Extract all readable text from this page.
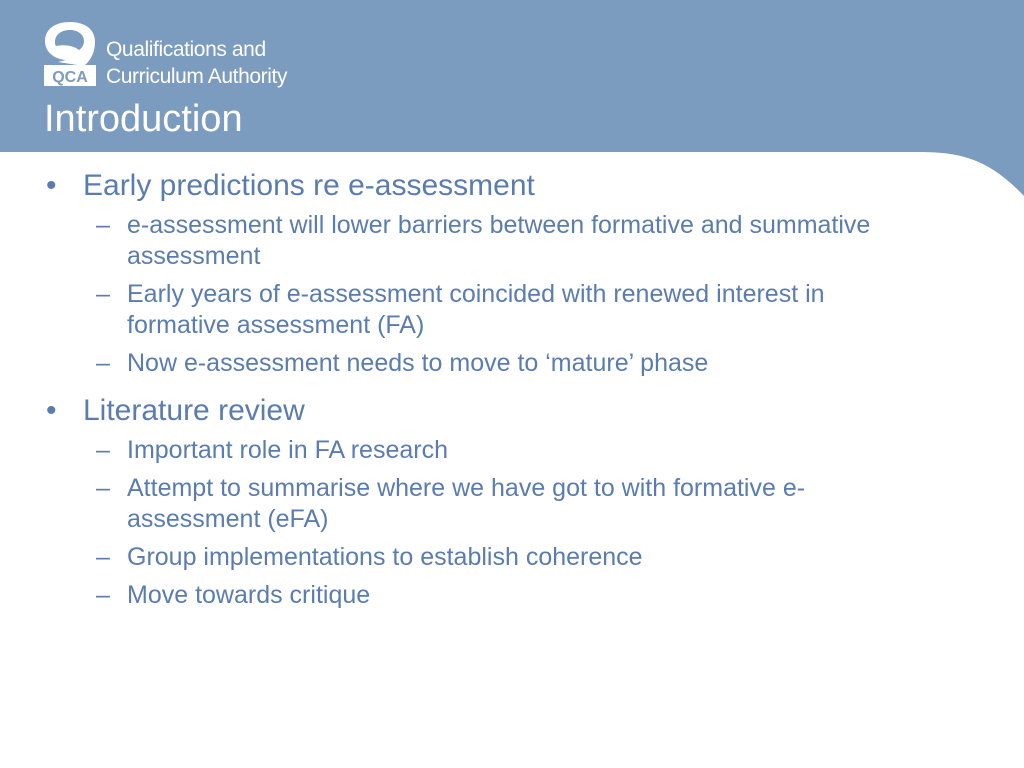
QCA
Qualifications and
Curriculum Authority
Introduction
• Early predictions re e-assessment
– e-assessment will lower barriers between formative and summative assessment
– Early years of e-assessment coincided with renewed interest in formative assessment (FA)
– Now e-assessment needs to move to ‘mature’ phase
• Literature review
– Important role in FA research
– Attempt to summarise where we have got to with formative e-assessment (eFA)
– Group implementations to establish coherence
– Move towards critique
